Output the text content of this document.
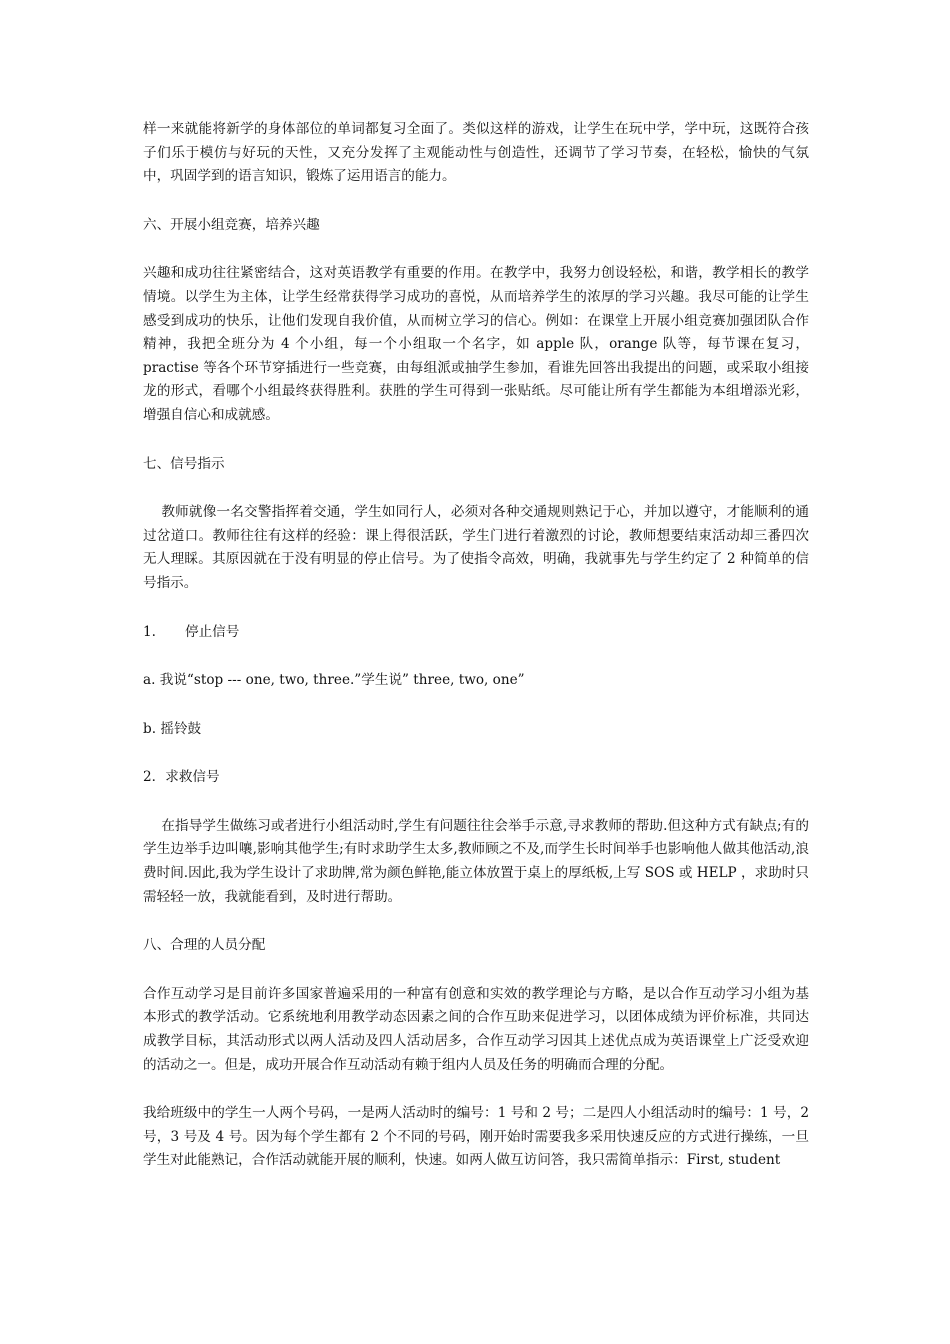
样一来就能将新学的身体部位的单词都复习全面了。类似这样的游戏，让学生在玩中学，学中玩，这既符合孩子们乐于模仿与好玩的天性，又充分发挥了主观能动性与创造性，还调节了学习节奏，在轻松，愉快的气氛中，巩固学到的语言知识，锻炼了运用语言的能力。

六、开展小组竞赛，培养兴趣

兴趣和成功往往紧密结合，这对英语教学有重要的作用。在教学中，我努力创设轻松，和谐，教学相长的教学情境。以学生为主体，让学生经常获得学习成功的喜悦，从而培养学生的浓厚的学习兴趣。我尽可能的让学生感受到成功的快乐，让他们发现自我价值，从而树立学习的信心。例如：在课堂上开展小组竞赛加强团队合作精神，我把全班分为 4 个小组，每一个小组取一个名字，如 apple 队，orange 队等，每节课在复习，practise 等各个环节穿插进行一些竞赛，由每组派或抽学生参加，看谁先回答出我提出的问题，或采取小组接龙的形式，看哪个小组最终获得胜利。获胜的学生可得到一张贴纸。尽可能让所有学生都能为本组增添光彩，增强自信心和成就感。

七、信号指示

教师就像一名交警指挥着交通，学生如同行人，必须对各种交通规则熟记于心，并加以遵守，才能顺利的通过岔道口。教师往往有这样的经验：课上得很活跃，学生门进行着激烈的讨论，教师想要结束活动却三番四次无人理睬。其原因就在于没有明显的停止信号。为了使指令高效，明确，我就事先与学生约定了 2 种简单的信号指示。

1. 停止信号

a. 我说“stop --- one, two, three.”学生说” three, two, one”

b. 摇铃鼓

2．求救信号

在指导学生做练习或者进行小组活动时,学生有问题往往会举手示意,寻求教师的帮助.但这种方式有缺点;有的学生边举手边叫嚷,影响其他学生;有时求助学生太多,教师顾之不及,而学生长时间举手也影响他人做其他活动,浪费时间.因此,我为学生设计了求助牌,常为颜色鲜艳,能立体放置于桌上的厚纸板,上写 SOS 或 HELP ，求助时只需轻轻一放，我就能看到，及时进行帮助。

八、合理的人员分配

合作互动学习是目前许多国家普遍采用的一种富有创意和实效的教学理论与方略，是以合作互动学习小组为基本形式的教学活动。它系统地利用教学动态因素之间的合作互助来促进学习，以团体成绩为评价标准，共同达成教学目标，其活动形式以两人活动及四人活动居多，合作互动学习因其上述优点成为英语课堂上广泛受欢迎的活动之一。但是，成功开展合作互动活动有赖于组内人员及任务的明确而合理的分配。

我给班级中的学生一人两个号码，一是两人活动时的编号：1 号和 2 号；二是四人小组活动时的编号：1 号，2 号，3 号及 4 号。因为每个学生都有 2 个不同的号码，刚开始时需要我多采用快速反应的方式进行操练，一旦学生对此能熟记，合作活动就能开展的顺利，快速。如两人做互访问答，我只需简单指示：First, student
